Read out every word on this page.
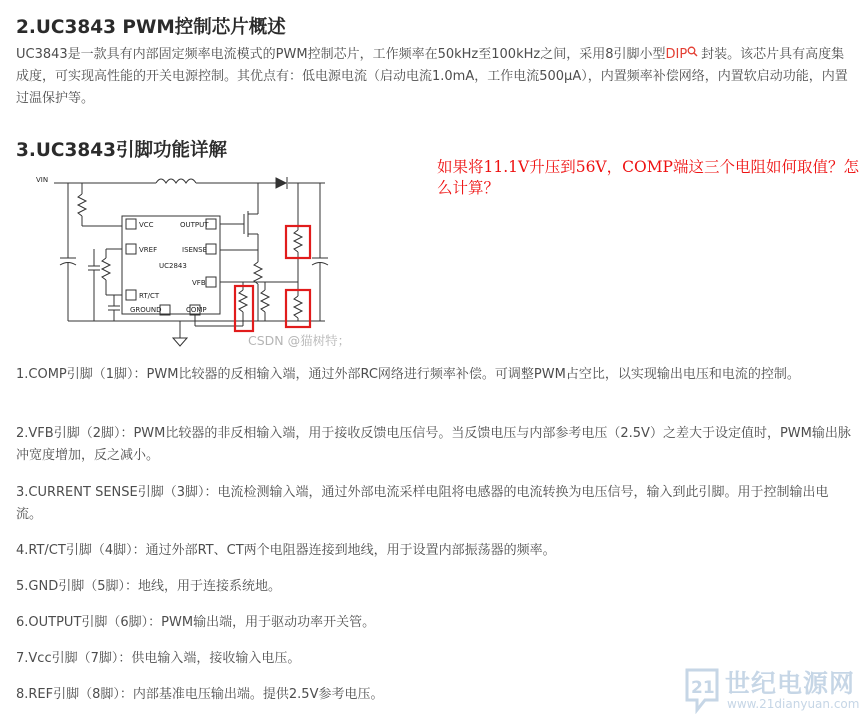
2.UC3843 PWM控制芯片概述

UC3843是一款具有内部固定频率电流模式的PWM控制芯片，工作频率在50kHz至100kHz之间，采用8引脚小型DIP 封装。该芯片具有高度集成度，可实现高性能的开关电源控制。其优点有：低电源电流（启动电流1.0mA，工作电流500μA），内置频率补偿网络，内置软启动功能，内置过温保护等。

3.UC3843引脚功能详解
VIN
VCC
VREF
RT/CT
GROUND
OUTPUT
ISENSE
VFB
COMP
UC2843
CSDN @猫树特；

如果将11.1V升压到56V，COMP端这三个电阻如何取值？怎么计算？

1.COMP引脚（1脚）：PWM比较器的反相输入端，通过外部RC网络进行频率补偿。可调整PWM占空比，以实现输出电压和电流的控制。

2.VFB引脚（2脚）：PWM比较器的非反相输入端，用于接收反馈电压信号。当反馈电压与内部参考电压（2.5V）之差大于设定值时，PWM输出脉冲宽度增加，反之减小。

3.CURRENT SENSE引脚（3脚）：电流检测输入端，通过外部电流采样电阻将电感器的电流转换为电压信号，输入到此引脚。用于控制输出电流。

4.RT/CT引脚（4脚）：通过外部RT、CT两个电阻器连接到地线，用于设置内部振荡器的频率。

5.GND引脚（5脚）：地线，用于连接系统地。

6.OUTPUT引脚（6脚）：PWM输出端，用于驱动功率开关管。

7.Vcc引脚（7脚）：供电输入端，接收输入电压。

8.REF引脚（8脚）：内部基准电压输出端。提供2.5V参考电压。	21 世纪电源网
www.21dianyuan.com
